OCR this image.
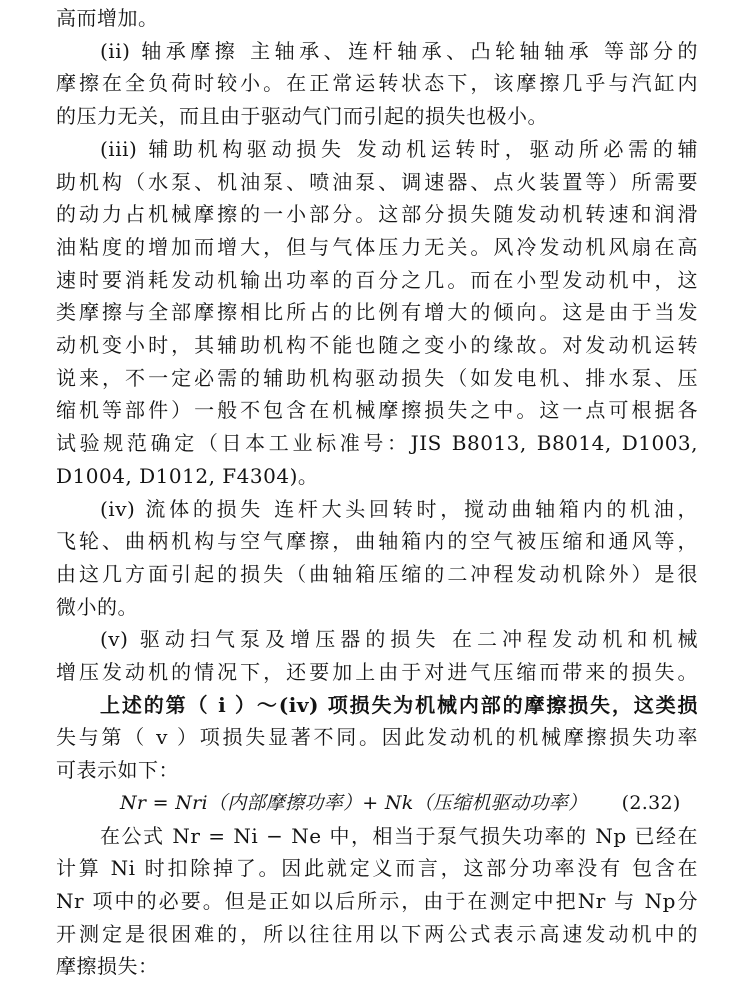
高而增加。
(ii) 轴承摩擦 主轴承、连杆轴承、凸轮轴轴承 等部分的
摩擦在全负荷时较小。在正常运转状态下，该摩擦几乎与汽缸内
的压力无关，而且由于驱动气门而引起的损失也极小。
(iii) 辅助机构驱动损失 发动机运转时，驱动所必需的辅
助机构（水泵、机油泵、喷油泵、调速器、点火装置等）所需要
的动力占机械摩擦的一小部分。这部分损失随发动机转速和润滑
油粘度的增加而增大，但与气体压力无关。风冷发动机风扇在高
速时要消耗发动机输出功率的百分之几。而在小型发动机中，这
类摩擦与全部摩擦相比所占的比例有增大的倾向。这是由于当发
动机变小时，其辅助机构不能也随之变小的缘故。对发动机运转
说来，不一定必需的辅助机构驱动损失（如发电机、排水泵、压
缩机等部件）一般不包含在机械摩擦损失之中。这一点可根据各
试验规范确定（日本工业标准号：JIS B8013, B8014, D1003,
D1004, D1012, F4304)。
(iv) 流体的损失 连杆大头回转时，搅动曲轴箱内的机油，
飞轮、曲柄机构与空气摩擦，曲轴箱内的空气被压缩和通风等，
由这几方面引起的损失（曲轴箱压缩的二冲程发动机除外）是很
微小的。
(v) 驱动扫气泵及增压器的损失 在二冲程发动机和机械
增压发动机的情况下，还要加上由于对进气压缩而带来的损失。
上述的第（ i ）～(iv) 项损失为机械内部的摩擦损失，这类损
失与第（ v ）项损失显著不同。因此发动机的机械摩擦损失功率
可表示如下：
Nr = Nri（内部摩擦功率）+ Nk（压缩机驱动功率） (2.32)
在公式 Nr = Ni − Ne 中，相当于泵气损失功率的 Np 已经在
计算 Ni 时扣除掉了。因此就定义而言，这部分功率没有 包含在
Nr 项中的必要。但是正如以后所示，由于在测定中把Nr 与 Np分
开测定是很困难的，所以往往用以下两公式表示高速发动机中的
摩擦损失：
